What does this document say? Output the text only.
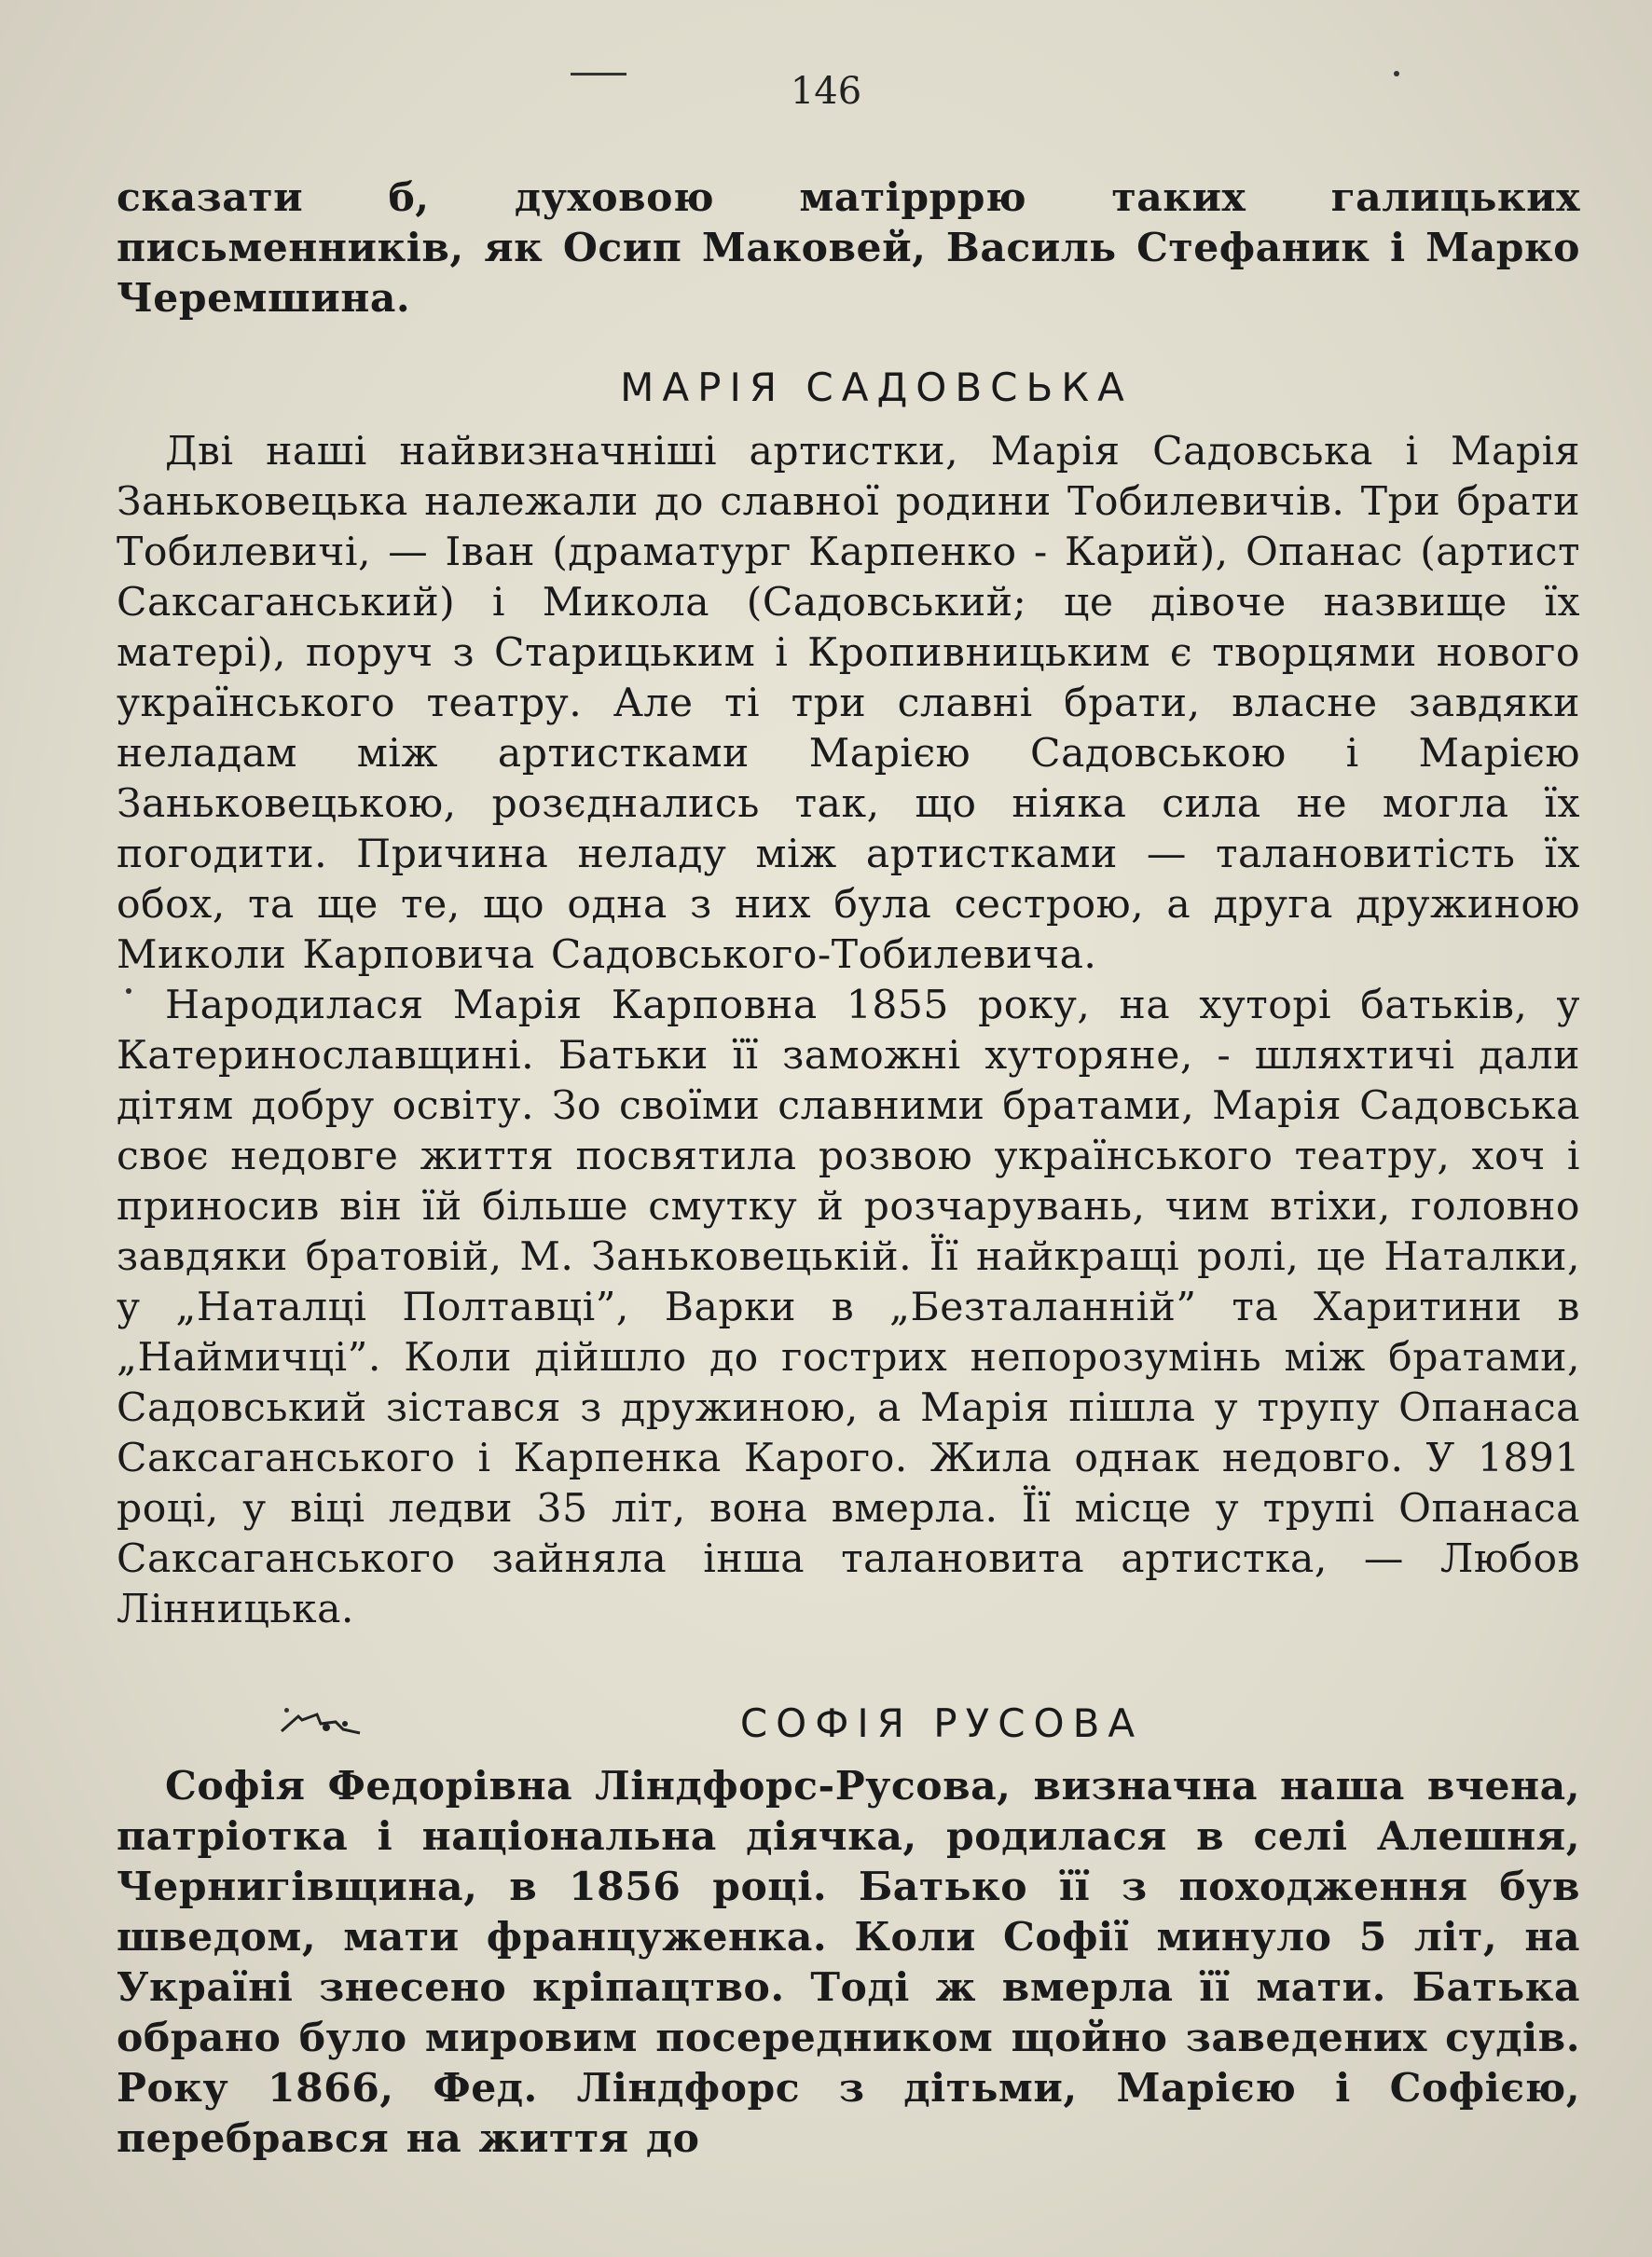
146

сказати б, духовою матірррю таких галицьких письменників, як Осип Маковей, Василь Стефаник і Марко Черемшина.

МАРІЯ САДОВСЬКА

Дві наші найвизначніші артистки, Марія Садовська і Марія Заньковецька належали до славної родини Тобилевичів. Три брати Тобилевичі, — Іван (драматург Карпенко - Карий), Опанас (артист Саксаганський) і Микола (Садовський; це дівоче назвище їх матері), поруч з Старицьким і Кропивницьким є творцями нового українського театру. Але ті три славні брати, власне завдяки неладам між артистками Марією Садовською і Марією Заньковецькою, розєднались так, що ніяка сила не могла їх погодити. Причина неладу між артистками — талановитість їх обох, та ще те, що одна з них була сестрою, а друга дружиною Миколи Карповича Садовського-Тобилевича.

Народилася Марія Карповна 1855 року, на хуторі батьків, у Катеринославщині. Батьки її заможні хуторяне, - шляхтичі дали дітям добру освіту. Зо своїми славними братами, Марія Садовська своє недовге життя посвятила розвою українського театру, хоч і приносив він їй більше смутку й розчарувань, чим втіхи, головно завдяки братовій, М. Заньковецькій. Її найкращі ролі, це Наталки, у „Наталці Полтавці”, Варки в „Безталанній” та Харитини в „Наймичці”. Коли дійшло до гострих непорозумінь між братами, Садовський зістався з дружиною, а Марія пішла у трупу Опанаса Саксаганського і Карпенка Карого. Жила однак недовго. У 1891 році, у віці ледви 35 літ, вона вмерла. Її місце у трупі Опанаса Саксаганського зайняла інша талановита артистка, — Любов Лінницька.

СОФІЯ РУСОВА

Софія Федорівна Ліндфорс-Русова, визначна наша вчена, патріотка і національна діячка, родилася в селі Алешня, Чернигівщина, в 1856 році. Батько її з походження був шведом, мати француженка. Коли Софії минуло 5 літ, на Україні знесено кріпацтво. Тоді ж вмерла її мати. Батька обрано було мировим посередником щойно заведених судів. Року 1866, Фед. Ліндфорс з дітьми, Марією і Софією, перебрався на життя до
